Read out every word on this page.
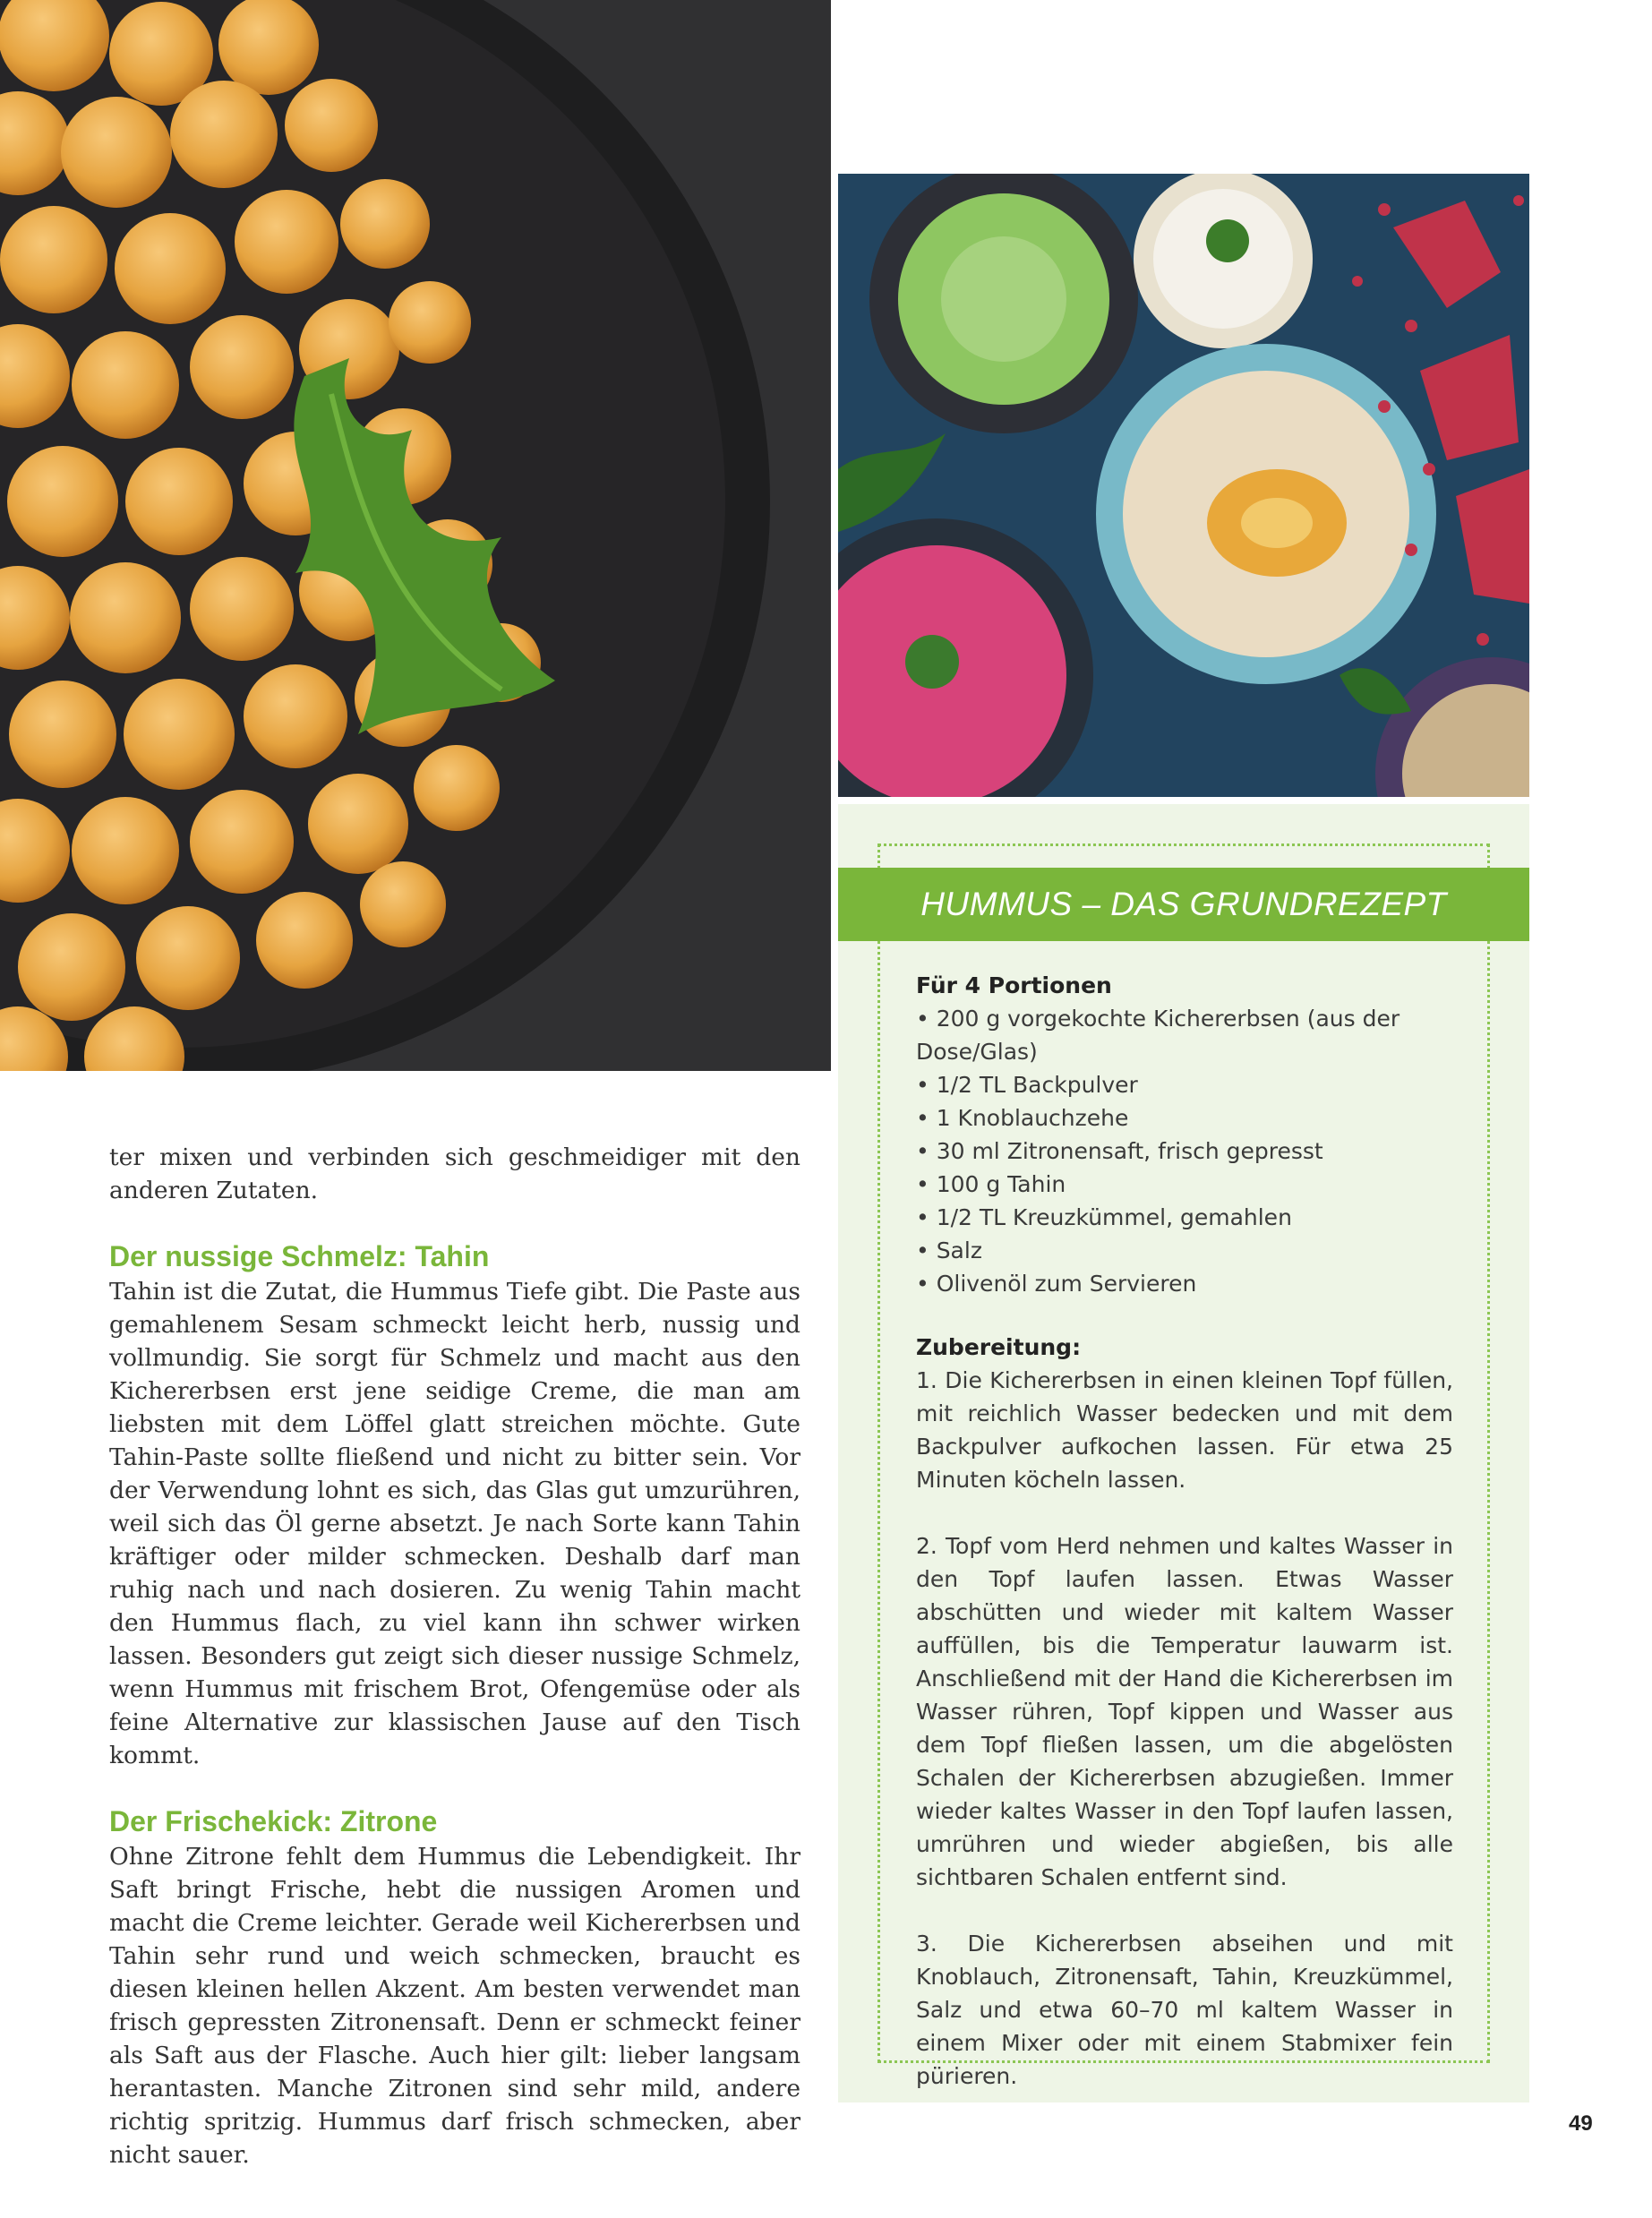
ter mixen und verbinden sich geschmeidiger mit den anderen Zutaten.

Der nussige Schmelz: Tahin

Tahin ist die Zutat, die Hummus Tiefe gibt. Die Paste aus gemahlenem Sesam schmeckt leicht herb, nussig und vollmundig. Sie sorgt für Schmelz und macht aus den Kichererbsen erst jene seidige Creme, die man am liebsten mit dem Löffel glatt streichen möchte. Gute Tahin-Paste sollte fließend und nicht zu bitter sein. Vor der Verwendung lohnt es sich, das Glas gut umzurühren, weil sich das Öl gerne absetzt. Je nach Sorte kann Tahin kräftiger oder milder schmecken. Deshalb darf man ruhig nach und nach dosieren. Zu wenig Tahin macht den Hummus flach, zu viel kann ihn schwer wirken lassen. Besonders gut zeigt sich dieser nussige Schmelz, wenn Hummus mit frischem Brot, Ofengemüse oder als feine Alternative zur klassischen Jause auf den Tisch kommt.

Der Frischekick: Zitrone

Ohne Zitrone fehlt dem Hummus die Lebendigkeit. Ihr Saft bringt Frische, hebt die nussigen Aromen und macht die Creme leichter. Gerade weil Kichererbsen und Tahin sehr rund und weich schmecken, braucht es diesen kleinen hellen Akzent. Am besten verwendet man frisch gepressten Zitronensaft. Denn er schmeckt feiner als Saft aus der Flasche. Auch hier gilt: lieber langsam herantasten. Manche Zitronen sind sehr mild, andere richtig spritzig. Hummus darf frisch schmecken, aber nicht sauer.

HUMMUS – DAS GRUNDREZEPT
Für 4 Portionen
• 200 g vorgekochte Kichererbsen (aus der Dose/Glas)
• 1/2 TL Backpulver
• 1 Knoblauchzehe
• 30 ml Zitronensaft, frisch gepresst
• 100 g Tahin
• 1/2 TL Kreuzkümmel, gemahlen
• Salz
• Olivenöl zum Servieren
Zubereitung:

1. Die Kichererbsen in einen kleinen Topf füllen, mit reichlich Wasser bedecken und mit dem Backpulver aufkochen lassen. Für etwa 25 Minuten köcheln lassen.

2. Topf vom Herd nehmen und kaltes Wasser in den Topf laufen lassen. Etwas Wasser abschütten und wieder mit kaltem Wasser auffüllen, bis die Temperatur lauwarm ist. Anschließend mit der Hand die Kichererbsen im Wasser rühren, Topf kippen und Wasser aus dem Topf fließen lassen, um die abgelösten Schalen der Kichererbsen abzugießen. Immer wieder kaltes Wasser in den Topf laufen lassen, umrühren und wieder abgießen, bis alle sichtbaren Schalen entfernt sind.

3. Die Kichererbsen abseihen und mit Knoblauch, Zitronensaft, Tahin, Kreuzkümmel, Salz und etwa 60–70 ml kaltem Wasser in einem Mixer oder mit einem Stabmixer fein pürieren.

49
